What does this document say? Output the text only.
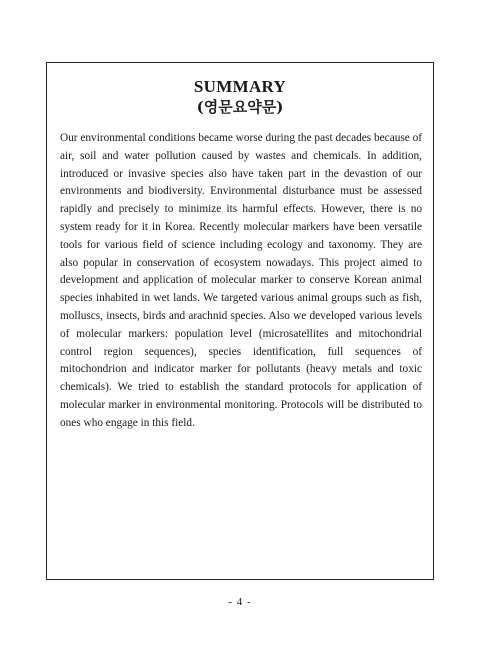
SUMMARY
(영문요약문)

Our environmental conditions became worse during the past decades because of air, soil and water pollution caused by wastes and chemicals. In addition, introduced or invasive species also have taken part in the devastion of our environments and biodiversity. Environmental disturbance must be assessed rapidly and precisely to minimize its harmful effects. However, there is no system ready for it in Korea. Recently molecular markers have been versatile tools for various field of science including ecology and taxonomy. They are also popular in conservation of ecosystem nowadays. This project aimed to development and application of molecular marker to conserve Korean animal species inhabited in wet lands. We targeted various animal groups such as fish, molluscs, insects, birds and arachnid species. Also we developed various levels of molecular markers: population level (microsatellites and mitochondrial control region sequences), species identification, full sequences of mitochondrion and indicator marker for pollutants (heavy metals and toxic chemicals). We tried to establish the standard protocols for application of molecular marker in environmental monitoring. Protocols will be distributed to ones who engage in this field.

- 4 -
